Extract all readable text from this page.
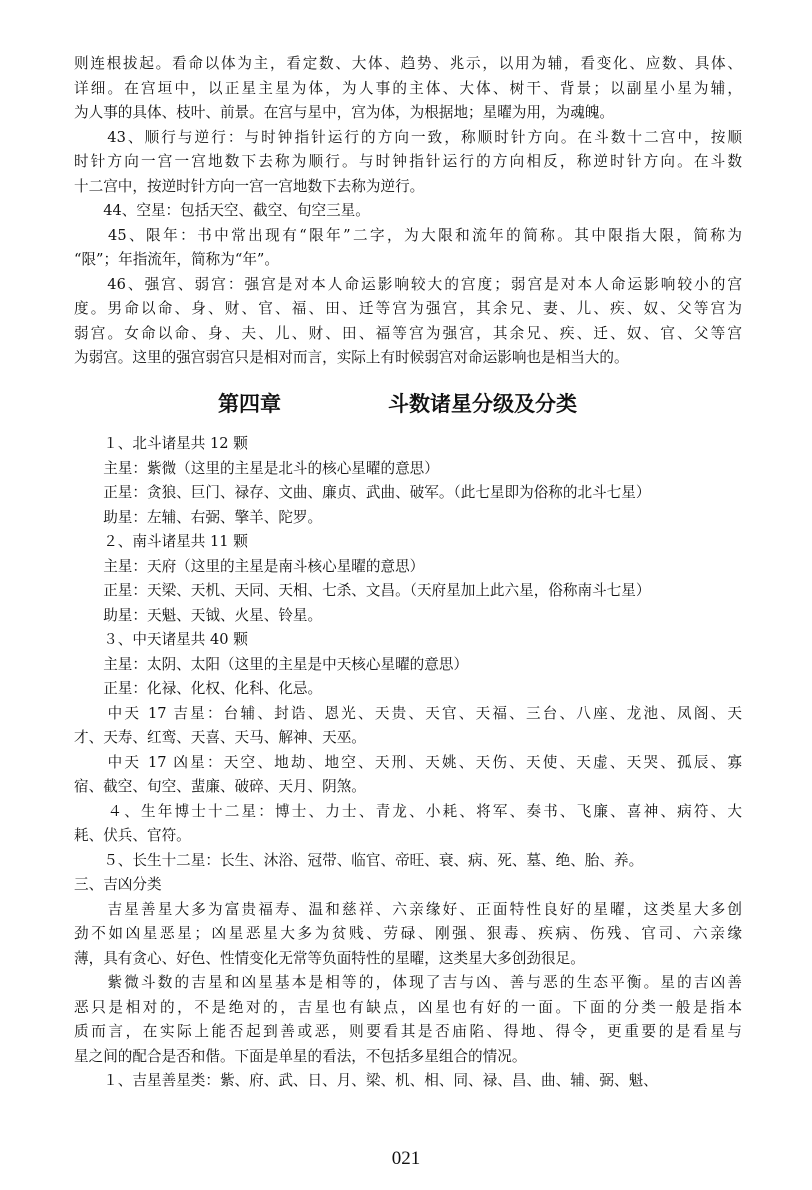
则连根拔起。看命以体为主，看定数、大体、趋势、兆示，以用为辅，看变化、应数、具体、
详细。在宫垣中，以正星主星为体，为人事的主体、大体、树干、背景；以副星小星为辅，
为人事的具体、枝叶、前景。在宫与星中，宫为体，为根据地；星曜为用，为魂魄。
　　43、顺行与逆行：与时钟指针运行的方向一致，称顺时针方向。在斗数十二宫中，按顺
时针方向一宫一宫地数下去称为顺行。与时钟指针运行的方向相反，称逆时针方向。在斗数
十二宫中，按逆时针方向一宫一宫地数下去称为逆行。
　　44、空星：包括天空、截空、旬空三星。
　　45、限年：书中常出现有“限年”二字，为大限和流年的简称。其中限指大限，简称为
“限”；年指流年，简称为“年”。
　　46、强宫、弱宫：强宫是对本人命运影响较大的宫度；弱宫是对本人命运影响较小的宫
度。男命以命、身、财、官、福、田、迁等宫为强宫，其余兄、妻、儿、疾、奴、父等宫为
弱宫。女命以命、身、夫、儿、财、田、福等宫为强宫，其余兄、疾、迁、奴、官、父等宫
为弱宫。这里的强宫弱宫只是相对而言，实际上有时候弱宫对命运影响也是相当大的。
第四章	斗数诸星分级及分类
　　１、北斗诸星共 12 颗
　　主星：紫微（这里的主星是北斗的核心星曜的意思）
　　正星：贪狼、巨门、禄存、文曲、廉贞、武曲、破军。（此七星即为俗称的北斗七星）
　　助星：左辅、右弼、擎羊、陀罗。
　　２、南斗诸星共 11 颗
　　主星：天府（这里的主星是南斗核心星曜的意思）
　　正星：天梁、天机、天同、天相、七杀、文昌。（天府星加上此六星，俗称南斗七星）
　　助星：天魁、天钺、火星、铃星。
　　３、中天诸星共 40 颗
　　主星：太阴、太阳（这里的主星是中天核心星曜的意思）
　　正星：化禄、化权、化科、化忌。
　　中天 17 吉星：台辅、封诰、恩光、天贵、天官、天福、三台、八座、龙池、凤阁、天
才、天寿、红鸾、天喜、天马、解神、天巫。
　　中天 17 凶星：天空、地劫、地空、天刑、天姚、天伤、天使、天虚、天哭、孤辰、寡
宿、截空、旬空、蜚廉、破碎、天月、阴煞。
　　４、生年博士十二星：博士、力士、青龙、小耗、将军、奏书、飞廉、喜神、病符、大
耗、伏兵、官符。
　　５、长生十二星：长生、沐浴、冠带、临官、帝旺、衰、病、死、墓、绝、胎、养。
三、吉凶分类
　　吉星善星大多为富贵福寿、温和慈祥、六亲缘好、正面特性良好的星曜，这类星大多创
劲不如凶星恶星；凶星恶星大多为贫贱、劳碌、刚强、狠毒、疾病、伤残、官司、六亲缘
薄，具有贪心、好色、性情变化无常等负面特性的星曜，这类星大多创劲很足。
　　紫微斗数的吉星和凶星基本是相等的，体现了吉与凶、善与恶的生态平衡。星的吉凶善
恶只是相对的，不是绝对的，吉星也有缺点，凶星也有好的一面。下面的分类一般是指本
质而言，在实际上能否起到善或恶，则要看其是否庙陷、得地、得令，更重要的是看星与
星之间的配合是否和偕。下面是单星的看法，不包括多星组合的情况。
　　１、吉星善星类：紫、府、武、日、月、梁、机、相、同、禄、昌、曲、辅、弼、魁、
021
